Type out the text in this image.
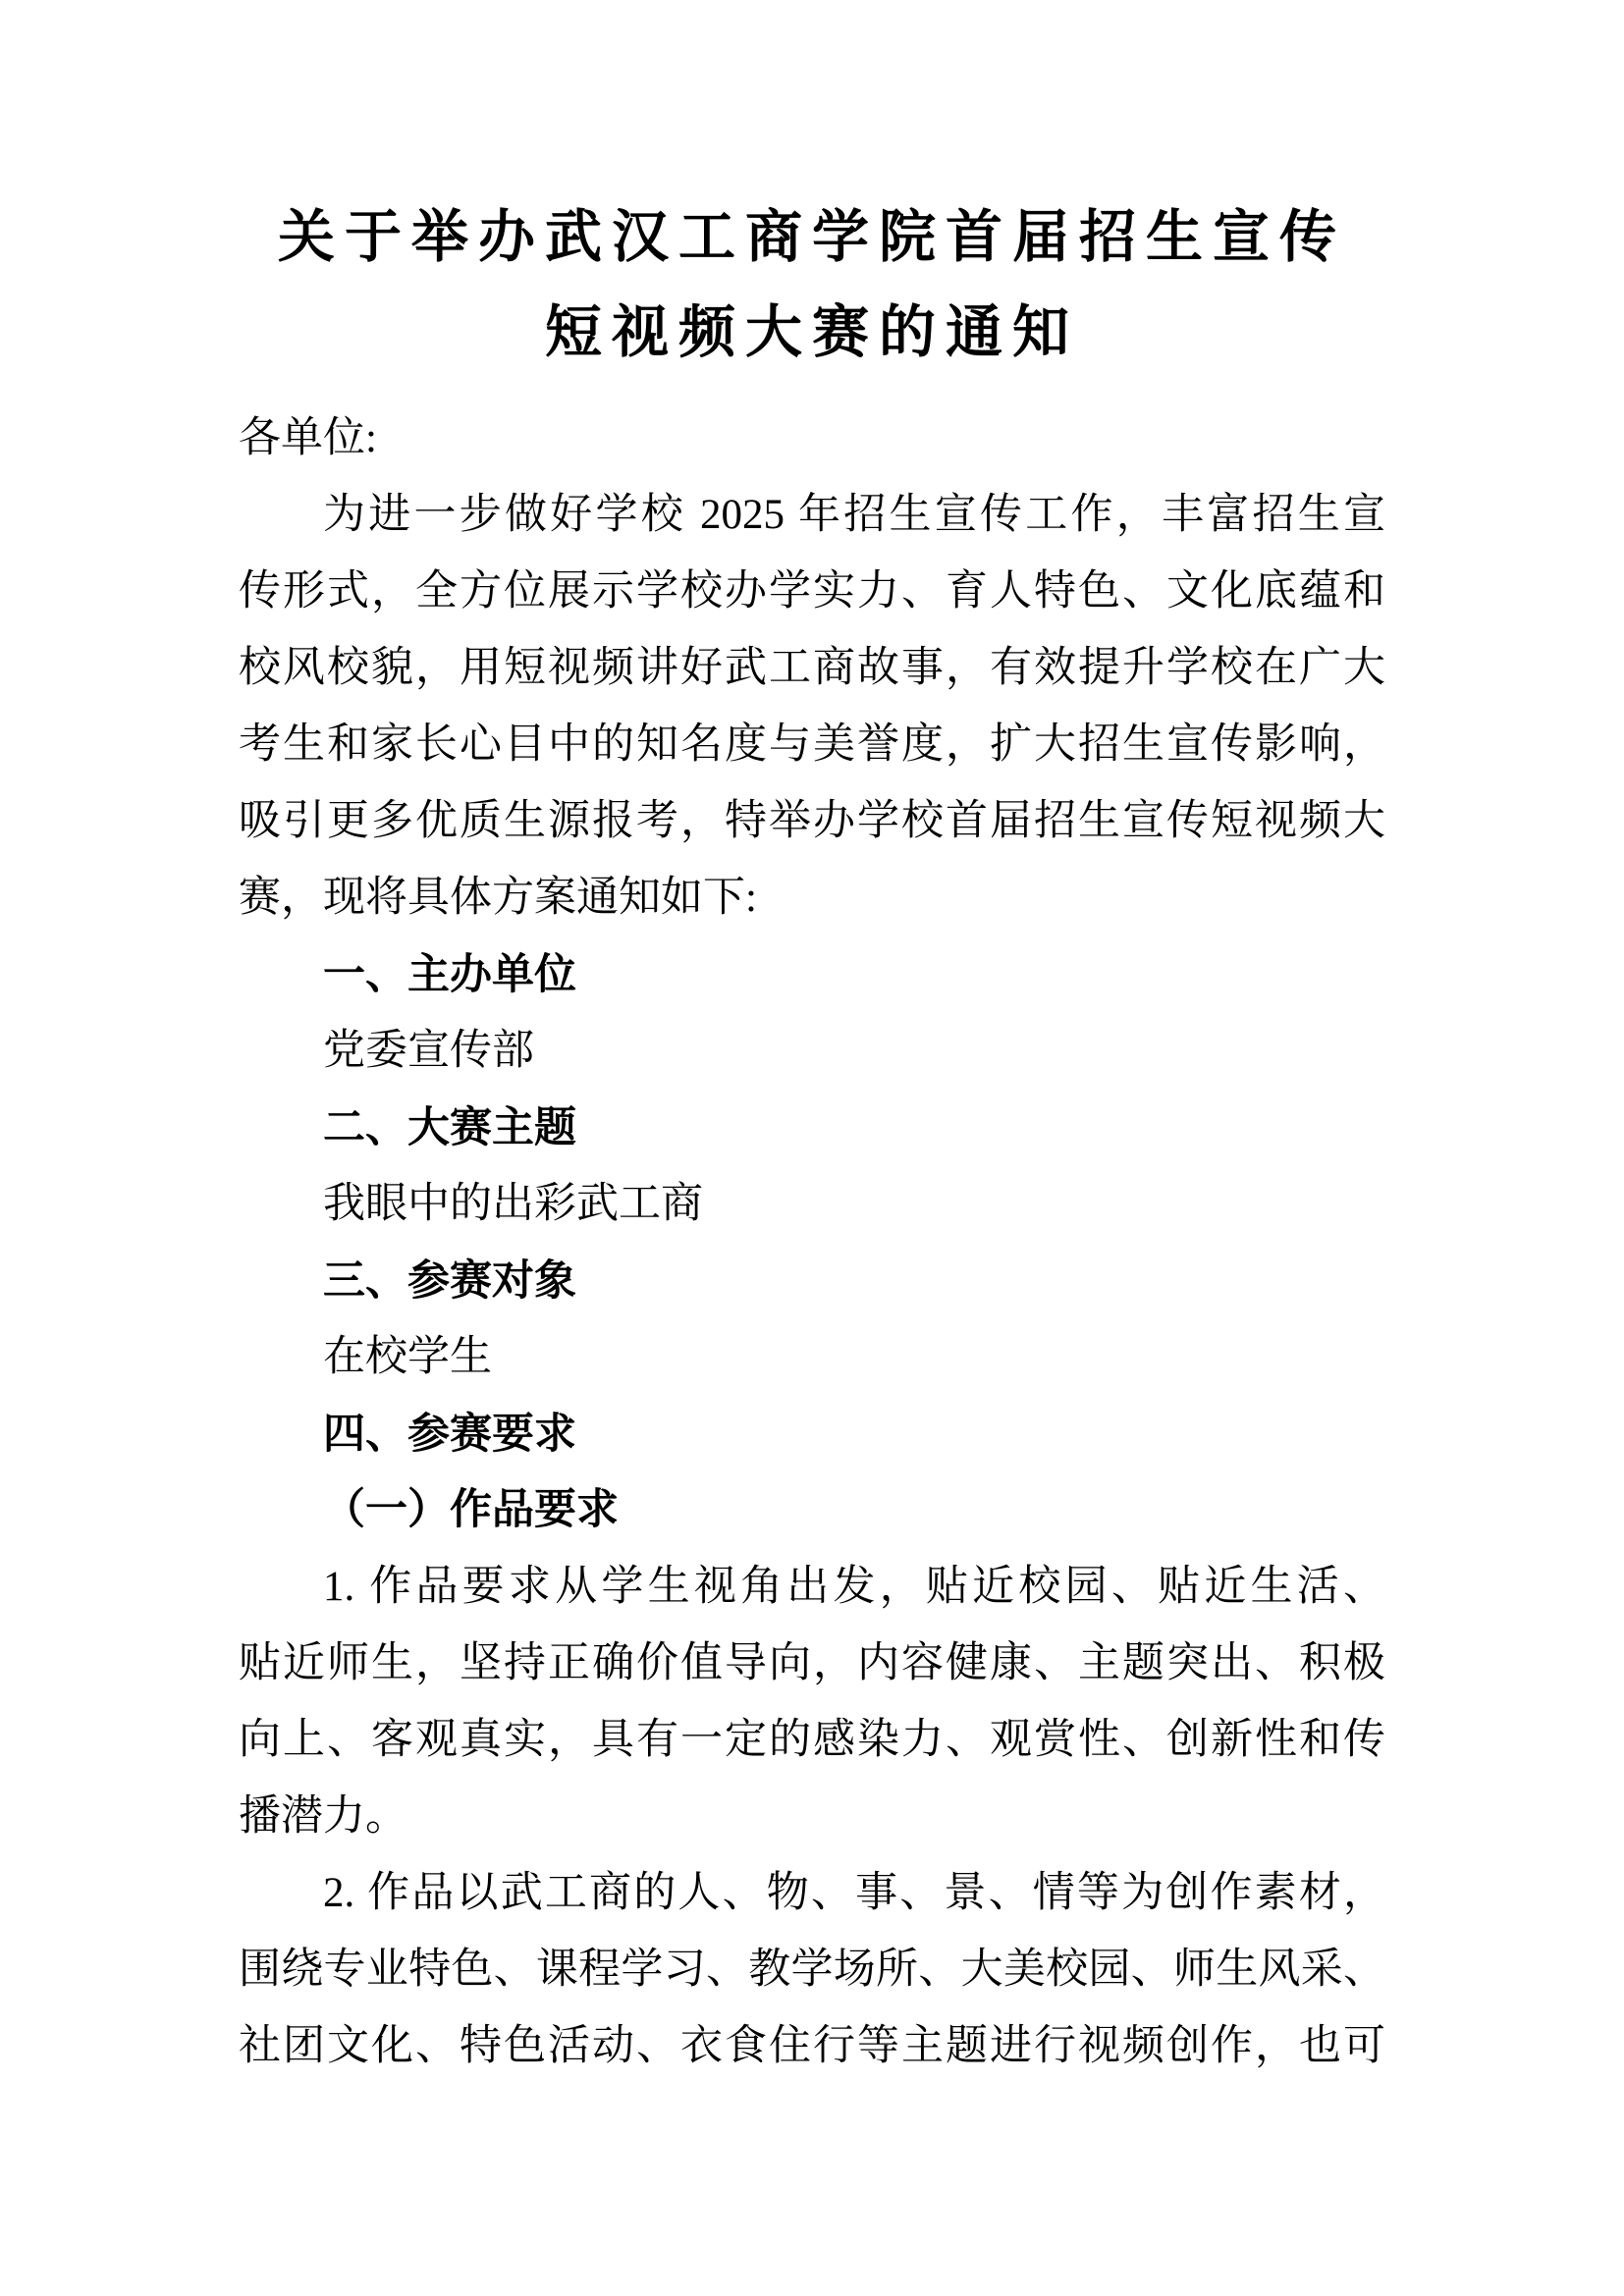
关于举办武汉工商学院首届招生宣传
短视频大赛的通知
各单位:
为进一步做好学校 2025 年招生宣传工作，丰富招生宣
传形式，全方位展示学校办学实力、育人特色、文化底蕴和
校风校貌，用短视频讲好武工商故事，有效提升学校在广大
考生和家长心目中的知名度与美誉度，扩大招生宣传影响，
吸引更多优质生源报考，特举办学校首届招生宣传短视频大
赛，现将具体方案通知如下:
一、主办单位
党委宣传部
二、大赛主题
我眼中的出彩武工商
三、参赛对象
在校学生
四、参赛要求
（一）作品要求
1. 作品要求从学生视角出发，贴近校园、贴近生活、
贴近师生，坚持正确价值导向，内容健康、主题突出、积极
向上、客观真实，具有一定的感染力、观赏性、创新性和传
播潜力。
2. 作品以武工商的人、物、事、景、情等为创作素材，
围绕专业特色、课程学习、教学场所、大美校园、师生风采、
社团文化、特色活动、衣食住行等主题进行视频创作，也可
